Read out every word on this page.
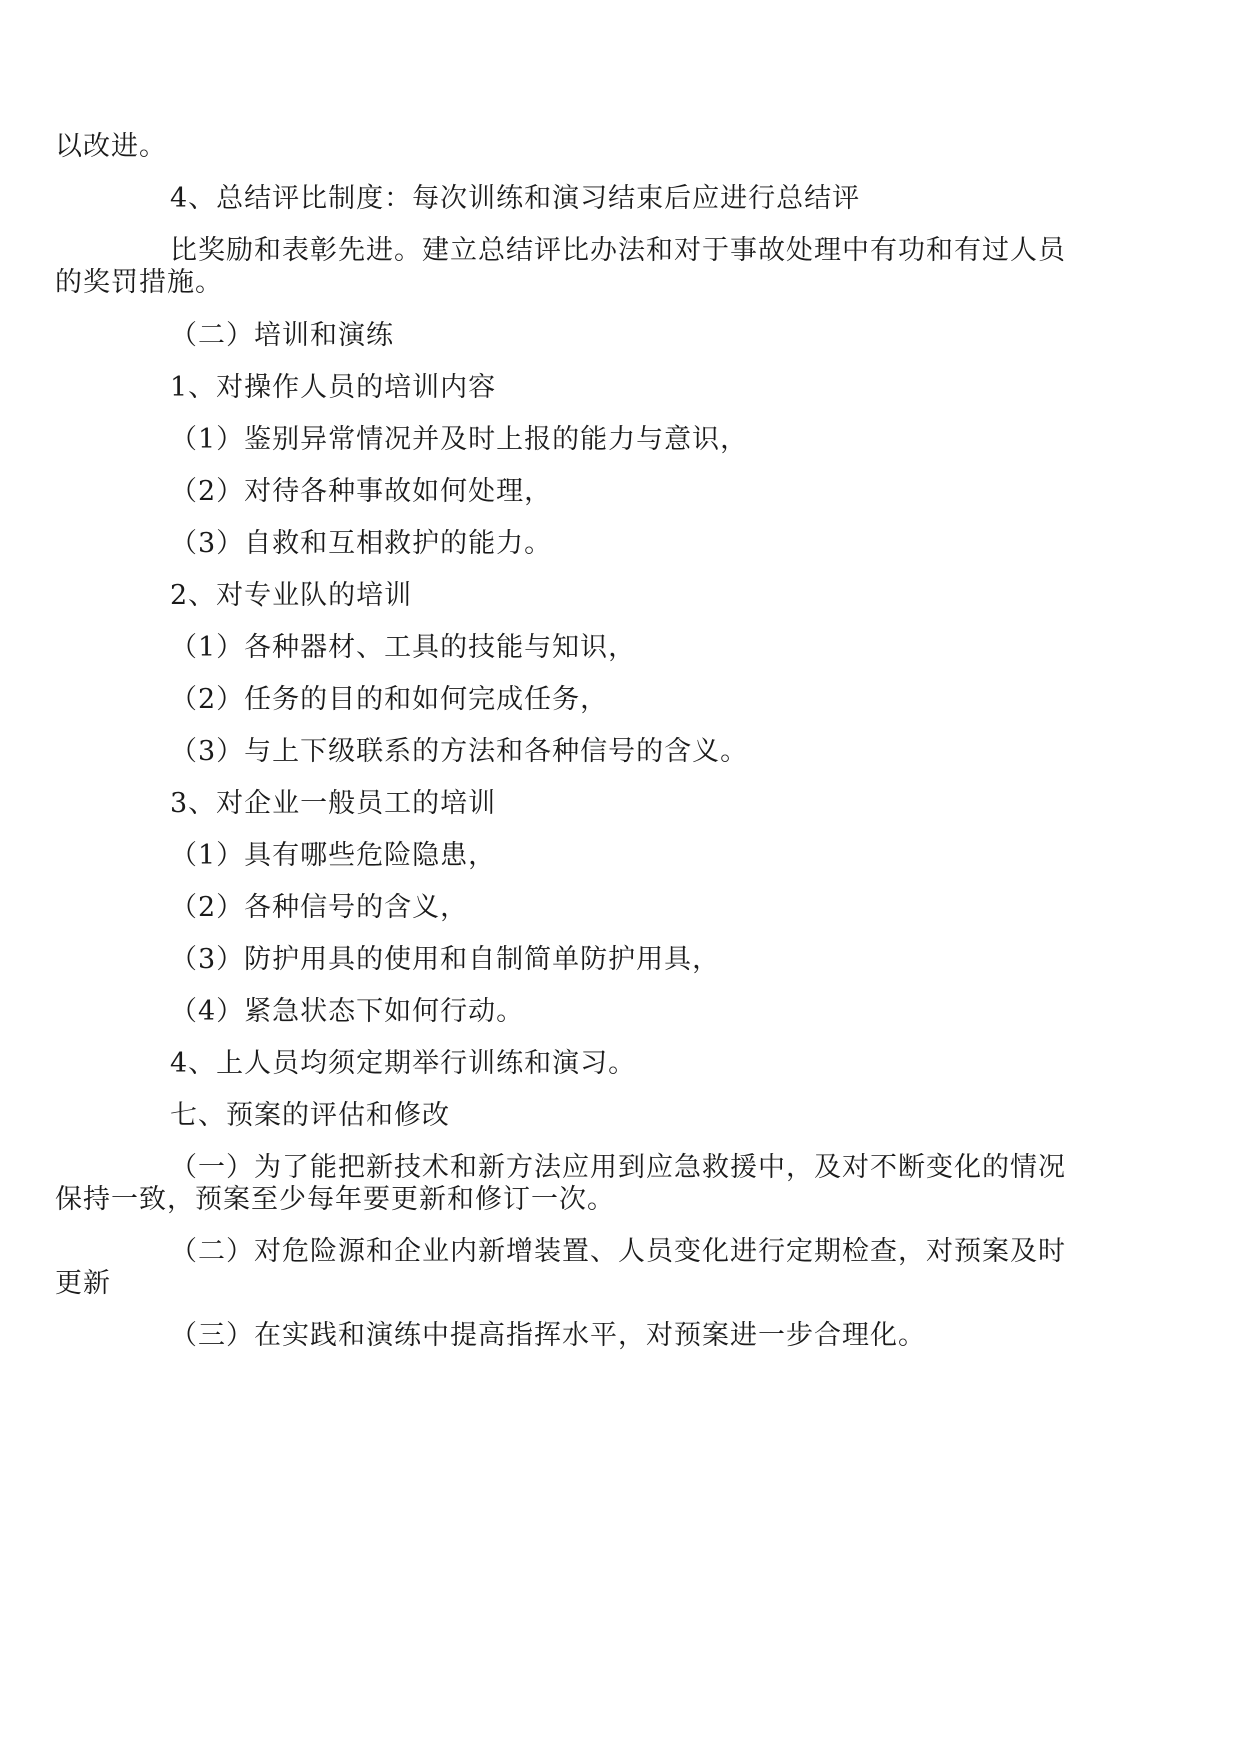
以改进。
4、总结评比制度：每次训练和演习结束后应进行总结评
比奖励和表彰先进。建立总结评比办法和对于事故处理中有功和有过人员的奖罚措施。
（二）培训和演练
1、对操作人员的培训内容
（1）鉴别异常情况并及时上报的能力与意识，
（2）对待各种事故如何处理，
（3）自救和互相救护的能力。
2、对专业队的培训
（1）各种器材、工具的技能与知识，
（2）任务的目的和如何完成任务，
（3）与上下级联系的方法和各种信号的含义。
3、对企业一般员工的培训
（1）具有哪些危险隐患，
（2）各种信号的含义，
（3）防护用具的使用和自制简单防护用具，
（4）紧急状态下如何行动。
4、上人员均须定期举行训练和演习。
七、预案的评估和修改
（一）为了能把新技术和新方法应用到应急救援中，及对不断变化的情况保持一致，预案至少每年要更新和修订一次。
（二）对危险源和企业内新增装置、人员变化进行定期检查，对预案及时更新
（三）在实践和演练中提高指挥水平，对预案进一步合理化。
